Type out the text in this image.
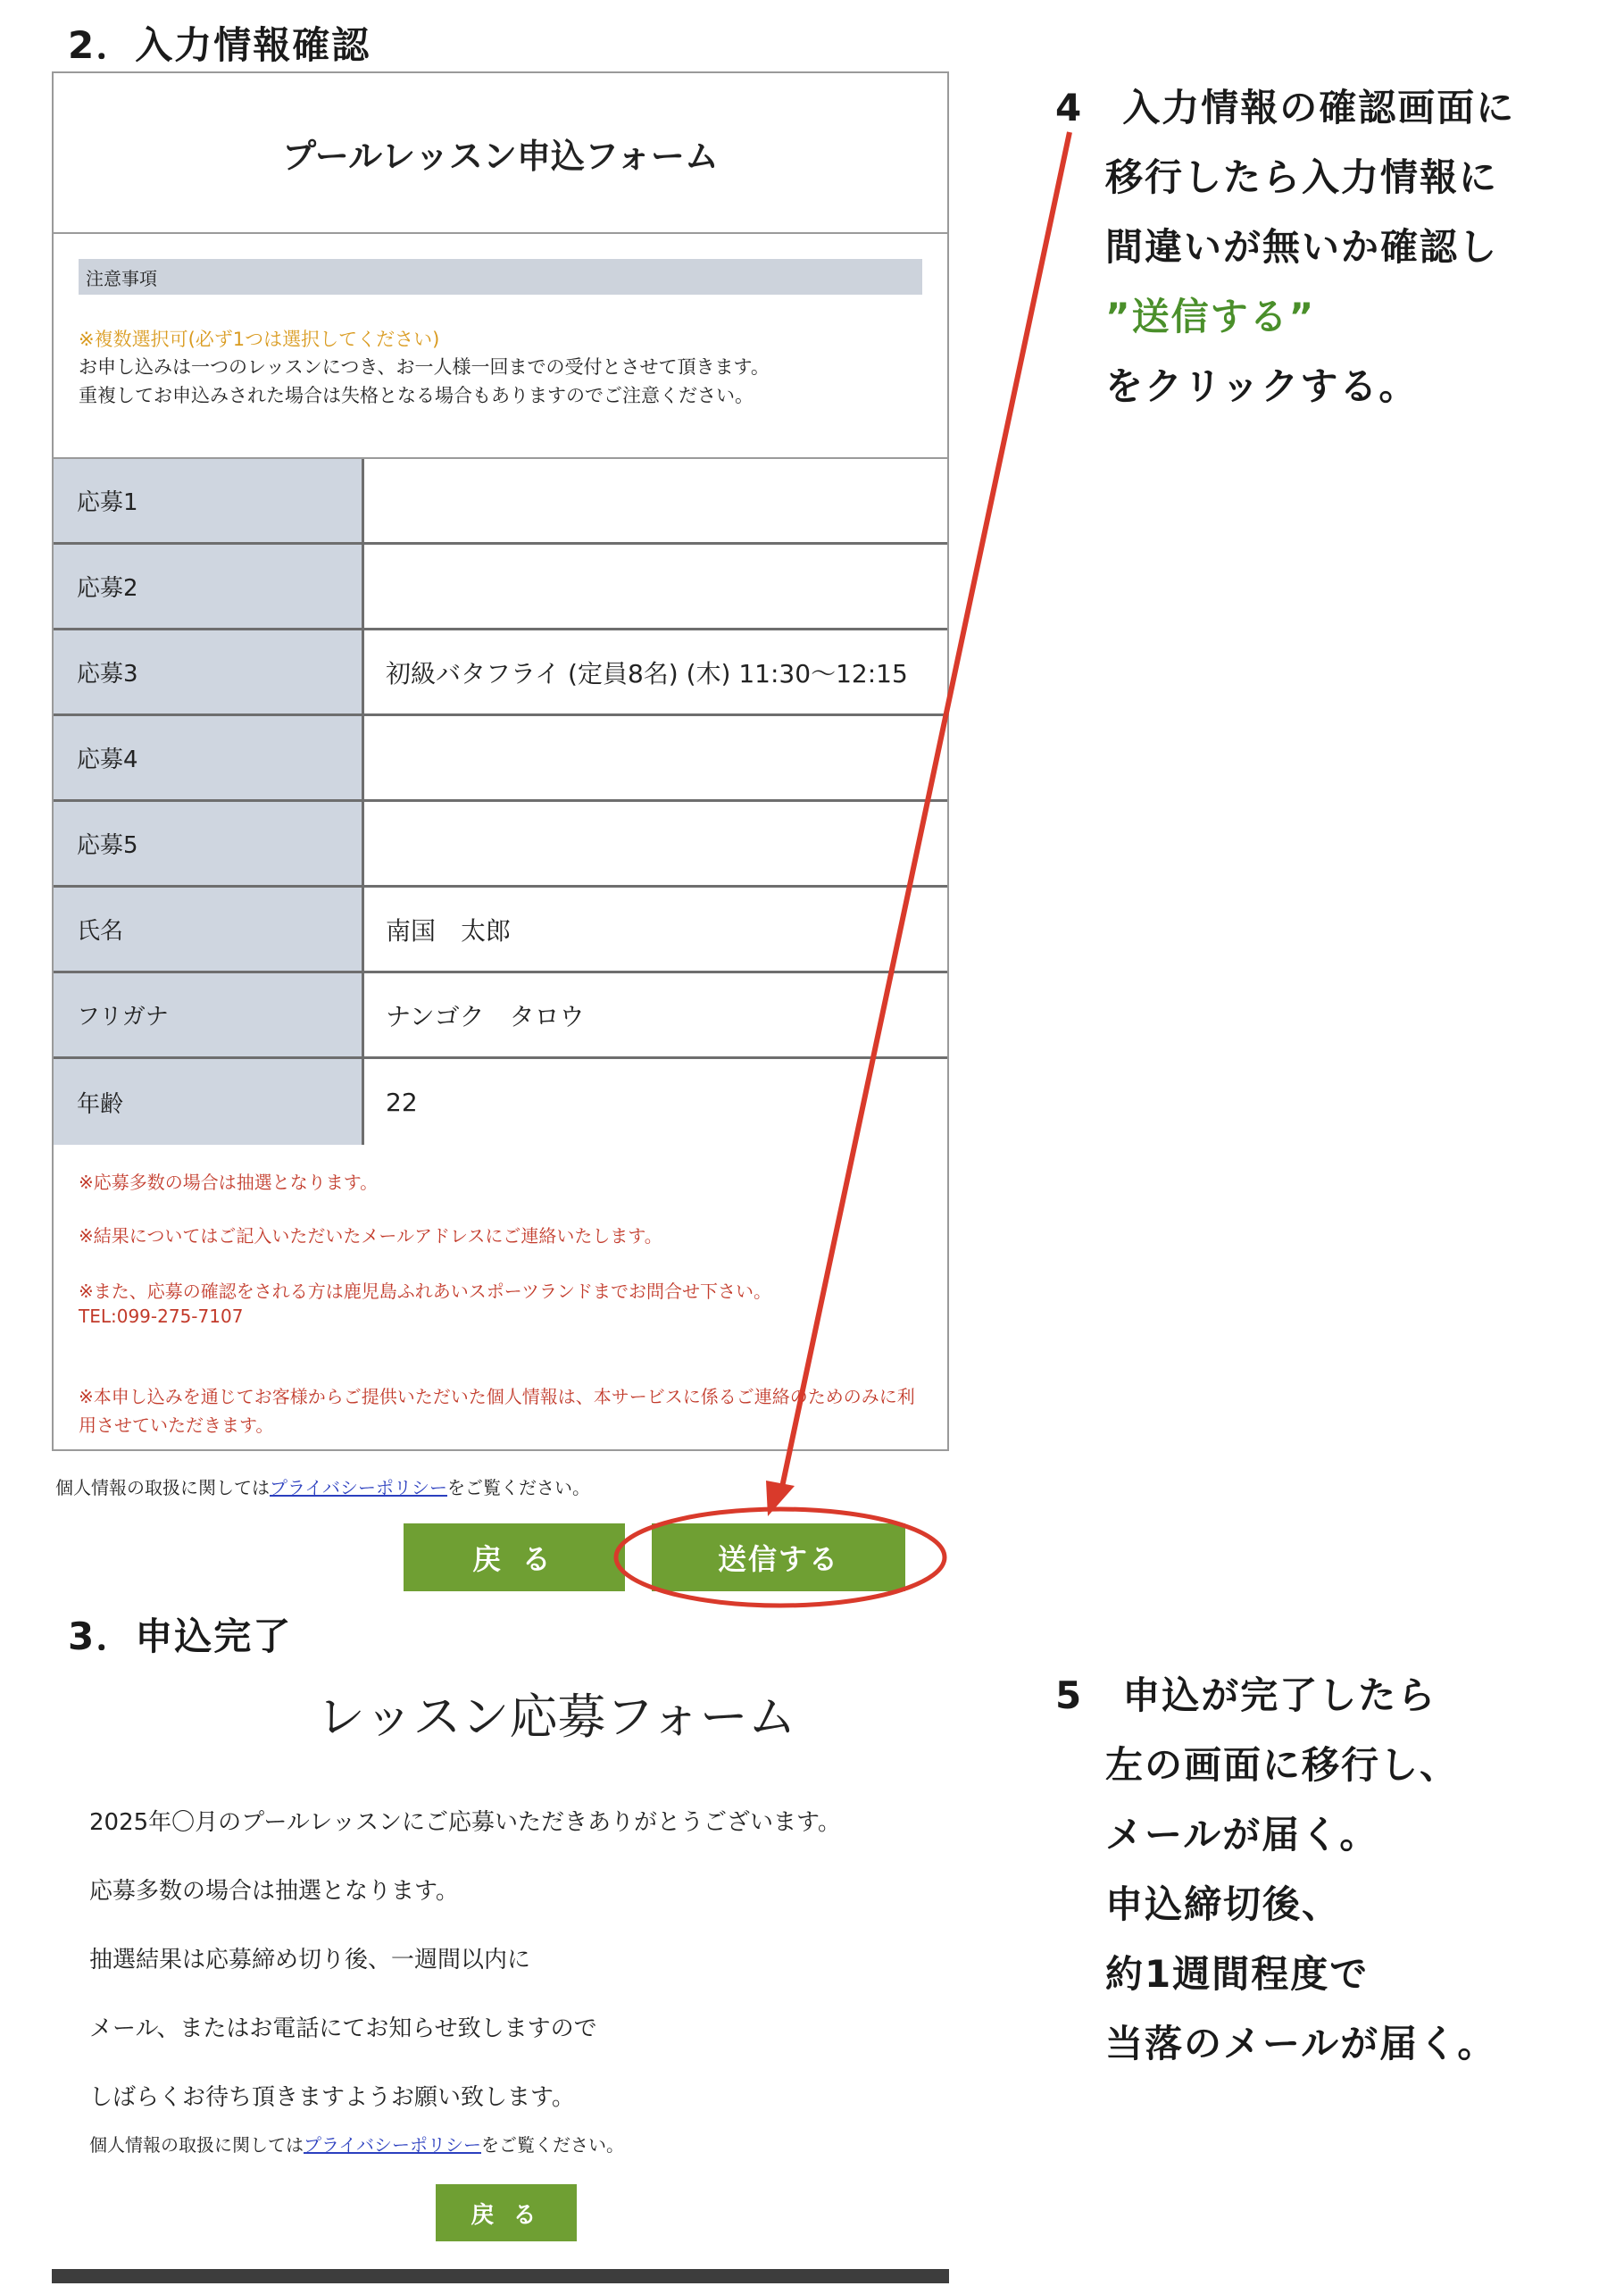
2．入力情報確認
プールレッスン申込フォーム
注意事項
※複数選択可(必ず1つは選択してください)
お申し込みは一つのレッスンにつき、お一人様一回までの受付とさせて頂きます。
重複してお申込みされた場合は失格となる場合もありますのでご注意ください。
応募1
応募2
応募3	初級バタフライ (定員8名) (木) 11:30～12:15
応募4
応募5
氏名	南国　太郎
フリガナ	ナンゴク　タロウ
年齢	22
※応募多数の場合は抽選となります。
※結果についてはご記入いただいたメールアドレスにご連絡いたします。
※また、応募の確認をされる方は鹿児島ふれあいスポーツランドまでお問合せ下さい。
TEL:099-275-7107
※本申し込みを通じてお客様からご提供いただいた個人情報は、本サービスに係るご連絡のためのみに利
用させていただきます。
個人情報の取扱に関してはプライバシーポリシーをご覧ください。
戻 る	送信する
4　入力情報の確認画面に
移行したら入力情報に
間違いが無いか確認し
”送信する”
をクリックする。
3．申込完了
レッスン応募フォーム
2025年〇月のプールレッスンにご応募いただきありがとうございます。
応募多数の場合は抽選となります。
抽選結果は応募締め切り後、一週間以内に
メール、またはお電話にてお知らせ致しますので
しばらくお待ち頂きますようお願い致します。
個人情報の取扱に関してはプライバシーポリシーをご覧ください。
戻 る
5　申込が完了したら
左の画面に移行し、
メールが届く。
申込締切後、
約1週間程度で
当落のメールが届く。
